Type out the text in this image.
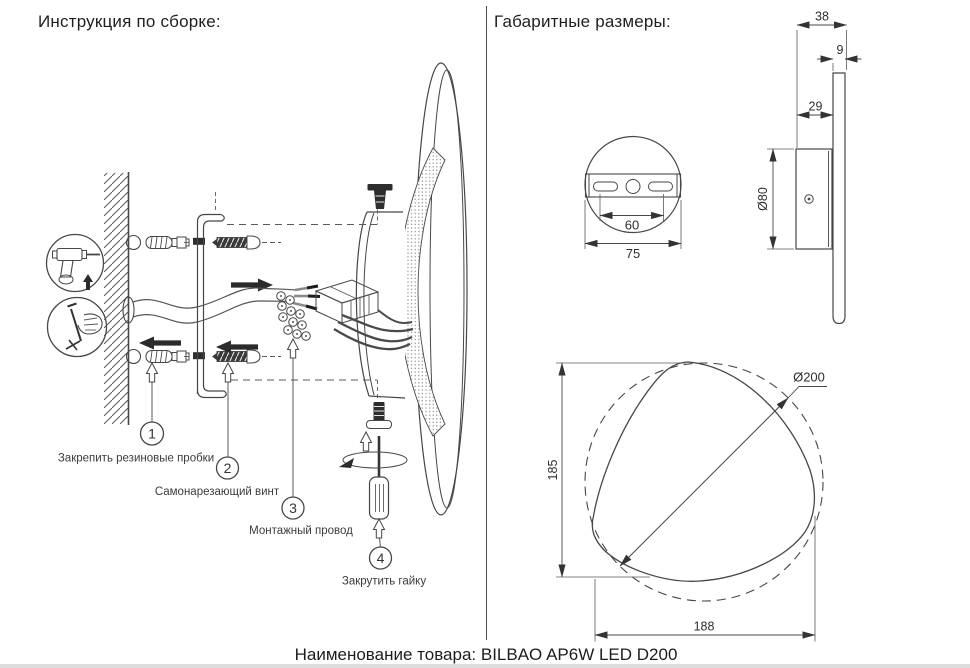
Инструкция по сборке:
1
Закрепить резиновые пробки
2
Самонарезающий винт
3
Монтажный провод
4
Закрутить гайку
Габаритные размеры:
60
75
38
9
29
Ø80
Ø200
185
188
Наименование товара: BILBAO AP6W LED D200
